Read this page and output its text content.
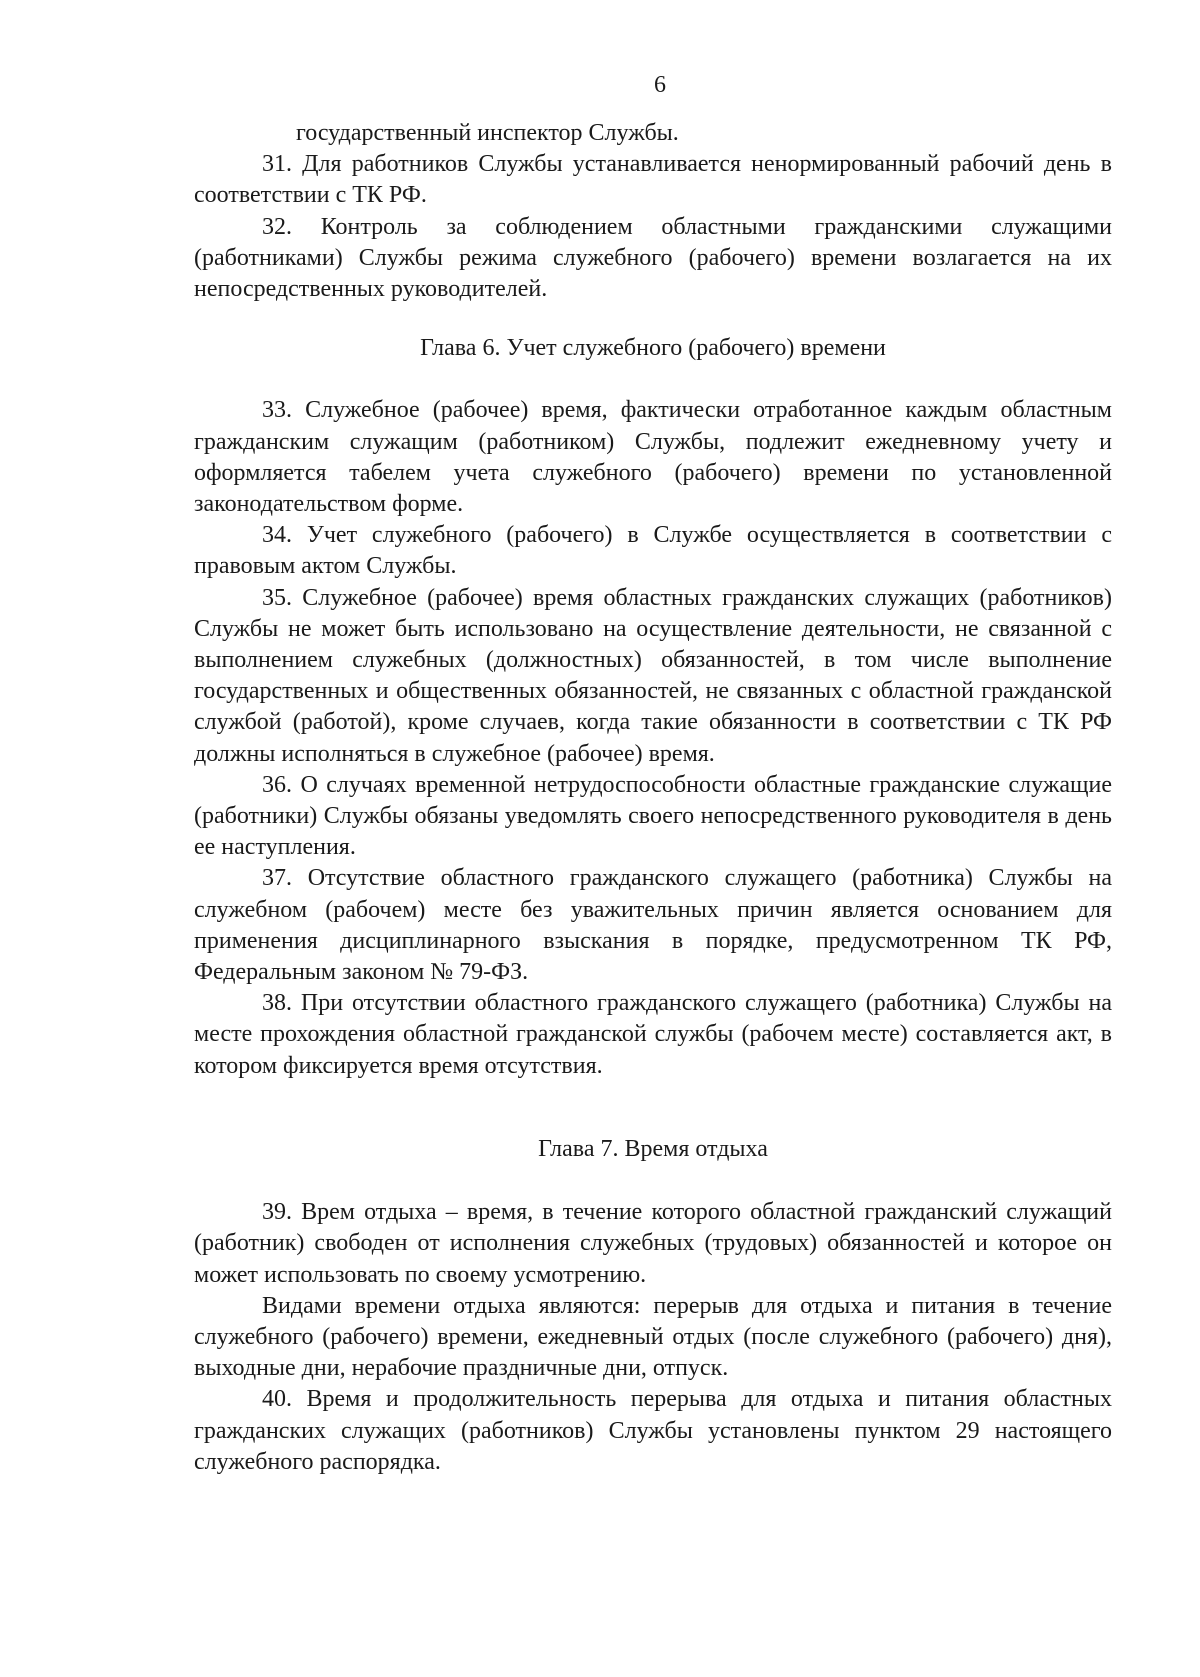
6

государственный инспектор Службы.

31. Для работников Службы устанавливается ненормированный рабочий день в соответствии с ТК РФ.

32. Контроль за соблюдением областными гражданскими служащими (работниками) Службы режима служебного (рабочего) времени возлагается на их непосредственных руководителей.

Глава 6. Учет служебного (рабочего) времени

33. Служебное (рабочее) время, фактически отработанное каждым областным гражданским служащим (работником) Службы, подлежит ежедневному учету и оформляется табелем учета служебного (рабочего) времени по установленной законодательством форме.

34. Учет служебного (рабочего) в Службе осуществляется в соответствии с правовым актом Службы.

35. Служебное (рабочее) время областных гражданских служащих (работников) Службы не может быть использовано на осуществление деятельности, не связанной с выполнением служебных (должностных) обязанностей, в том числе выполнение государственных и общественных обязанностей, не связанных с областной гражданской службой (работой), кроме случаев, когда такие обязанности в соответствии с ТК РФ должны исполняться в служебное (рабочее) время.

36. О случаях временной нетрудоспособности областные гражданские служащие (работники) Службы обязаны уведомлять своего непосредственного руководителя в день ее наступления.

37. Отсутствие областного гражданского служащего (работника) Службы на служебном (рабочем) месте без уважительных причин является основанием для применения дисциплинарного взыскания в порядке, предусмотренном ТК РФ, Федеральным законом № 79-ФЗ.

38. При отсутствии областного гражданского служащего (работника) Службы на месте прохождения областной гражданской службы (рабочем месте) составляется акт, в котором фиксируется время отсутствия.

Глава 7. Время отдыха

39. Врем отдыха – время, в течение которого областной гражданский служащий (работник) свободен от исполнения служебных (трудовых) обязанностей и которое он может использовать по своему усмотрению.

Видами времени отдыха являются: перерыв для отдыха и питания в течение служебного (рабочего) времени, ежедневный отдых (после служебного (рабочего) дня), выходные дни, нерабочие праздничные дни, отпуск.

40. Время и продолжительность перерыва для отдыха и питания областных гражданских служащих (работников) Службы установлены пунктом 29 настоящего служебного распорядка.
